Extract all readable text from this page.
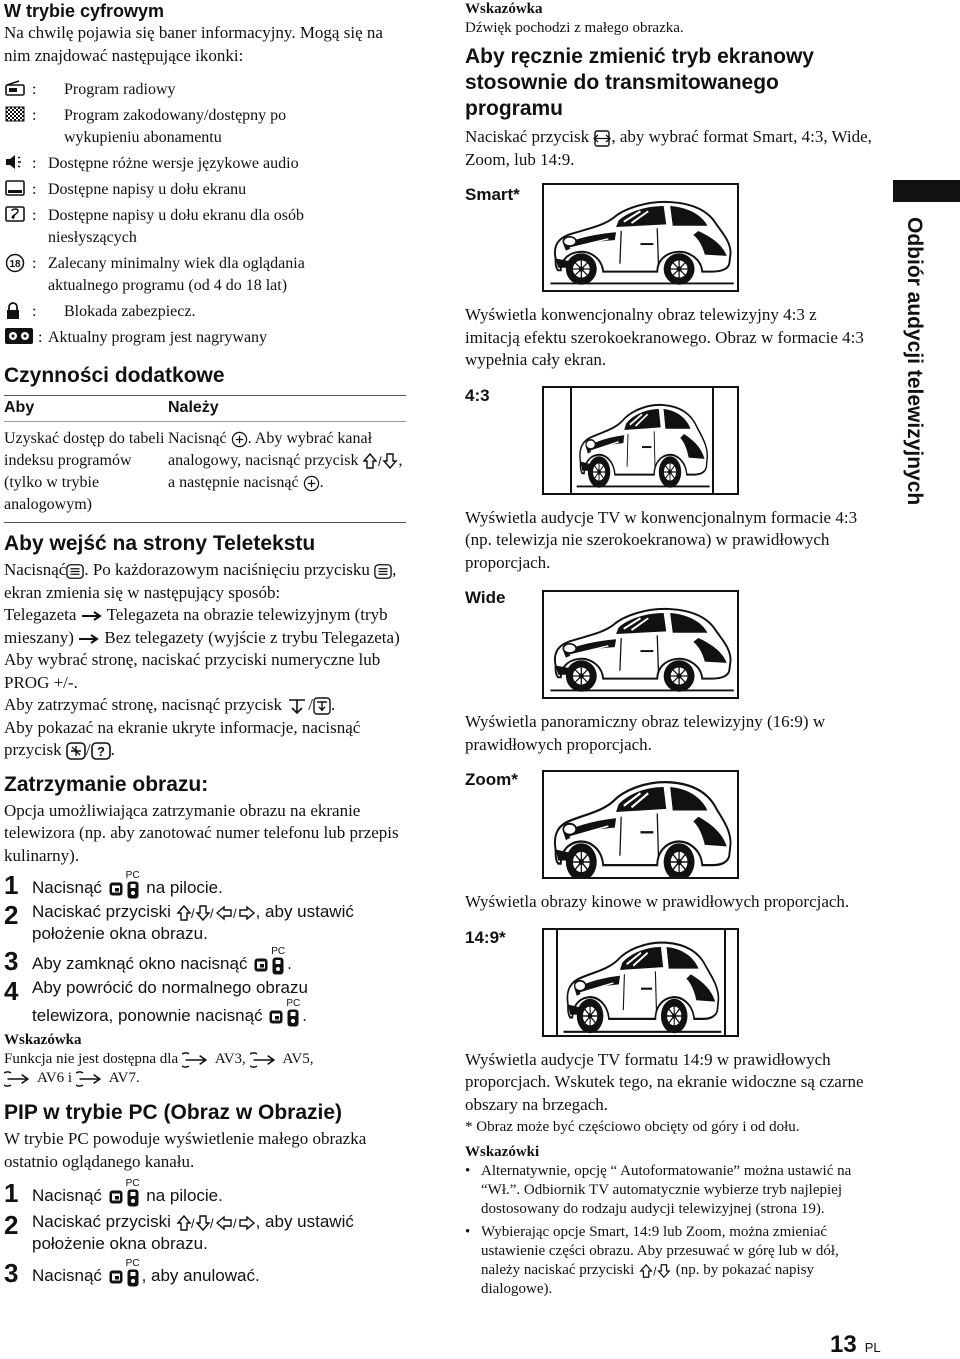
W trybie cyfrowym
Na chwilę pojawia się baner informacyjny. Mogą się na nim znajdować następujące ikonki:
:	Program radiowy
:	Program zakodowany/dostępny po wykupieniu abonamentu
: Dostępne różne wersje językowe audio
: Dostępne napisy u dołu ekranu
: Dostępne napisy u dołu ekranu dla osób niesłyszących
18 : Zalecany minimalny wiek dla oglądania aktualnego programu (od 4 do 18 lat)
:	Blokada zabezpiecz.
: Aktualny program jest nagrywany
Czynności dodatkowe
Aby	Należy
Uzyskać dostęp do tabeli indeksu programów (tylko w trybie analogowym)
Nacisnąć . Aby wybrać kanał analogowy, nacisnąć przycisk	, a następnie nacisnąć .
Aby wejść na strony Teletekstu
Nacisnąć . Po każdorazowym naciśnięciu przycisku , ekran zmienia się w następujący sposób:
Telegazeta Telegazeta na obrazie telewizyjnym (tryb mieszany) Bez telegazety (wyjście z trybu Telegazeta)
Aby wybrać stronę, naciskać przyciski numeryczne lub PROG +/-.
Aby zatrzymać stronę, nacisnąć przycisk / .
Aby pokazać na ekranie ukryte informacje, nacisnąć przycisk / ? .
Zatrzymanie obrazu:
Opcja umożliwiająca zatrzymanie obrazu na ekranie telewizora (np. aby zanotować numer telefonu lub przepis kulinarny).
1 Nacisnąć
PC
na pilocie.
2 Naciskać przyciski	, aby ustawić położenie okna obrazu.
3 Aby zamknąć okno nacisnąć
PC
.
4 Aby powrócić do normalnego obrazu telewizora, ponownie nacisnąć
PC
.
Wskazówka
Funkcja nie jest dostępna dla AV3, AV5,
AV6 i AV7.
PIP w trybie PC (Obraz w Obrazie)
W trybie PC powoduje wyświetlenie małego obrazka ostatnio oglądanego kanału.
1 Nacisnąć
PC
na pilocie.
2 Naciskać przyciski	, aby ustawić położenie okna obrazu.
3 Nacisnąć
PC
, aby anulować.
Wskazówka
Dźwięk pochodzi z małego obrazka.
Aby ręcznie zmienić tryb ekranowy stosownie do transmitowanego programu
Naciskać przycisk , aby wybrać format Smart, 4:3, Wide, Zoom, lub 14:9.
Smart*
Wyświetla konwencjonalny obraz telewizyjny 4:3 z imitacją efektu szerokoekranowego. Obraz w formacie 4:3 wypełnia cały ekran.
4:3
Wyświetla audycje TV w konwencjonalnym formacie 4:3 (np. telewizja nie szerokoekranowa) w prawidłowych proporcjach.
Wide
Wyświetla panoramiczny obraz telewizyjny (16:9) w prawidłowych proporcjach.
Zoom*
Wyświetla obrazy kinowe w prawidłowych proporcjach.
14:9*
Wyświetla audycje TV formatu 14:9 w prawidłowych proporcjach. Wskutek tego, na ekranie widoczne są czarne obszary na brzegach.
* Obraz może być częściowo obcięty od góry i od dołu.
Wskazówki
• Alternatywnie, opcję “ Autoformatowanie” można ustawić na “Wł.”. Odbiornik TV automatycznie wybierze tryb najlepiej dostosowany do rodzaju audycji telewizyjnej (strona 19).
• Wybierając opcje Smart, 14:9 lub Zoom, można zmieniać ustawienie części obrazu. Aby przesuwać w górę lub w dół, należy naciskać przyciski	(np. by pokazać napisy dialogowe).
Odbiór audycji telewizyjnych
13 PL
